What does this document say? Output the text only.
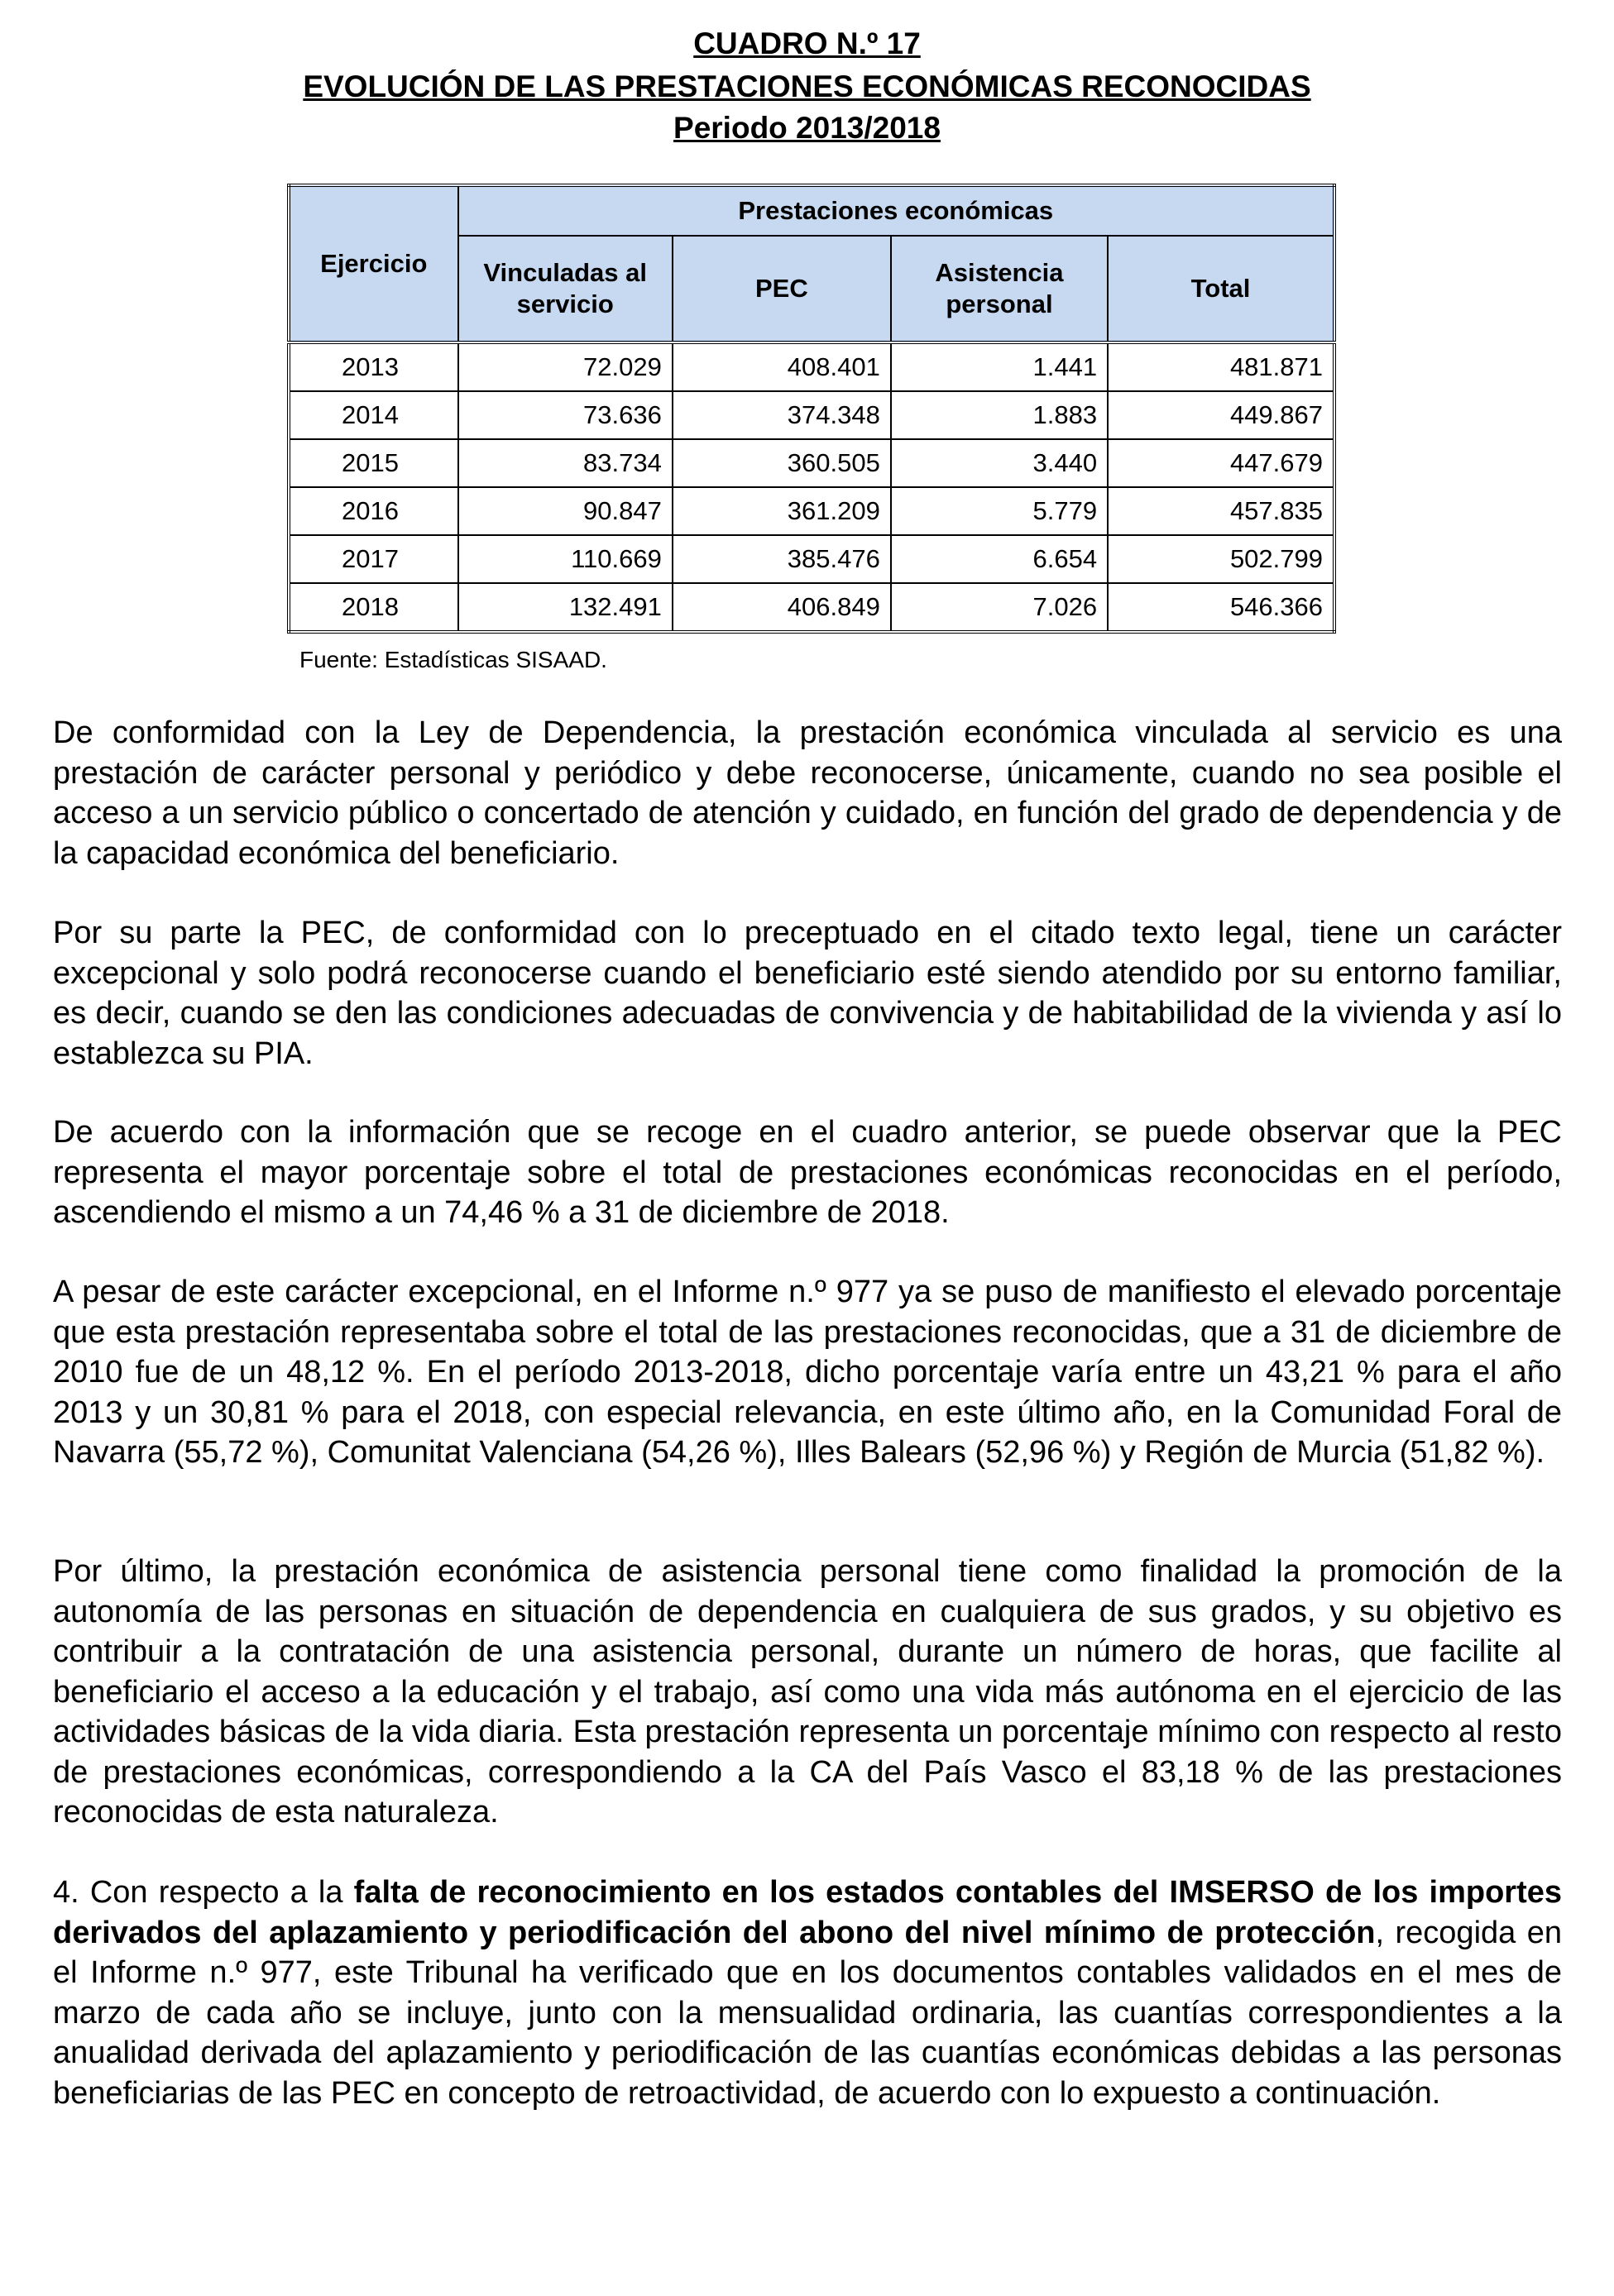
CUADRO N.º 17
EVOLUCIÓN DE LAS PRESTACIONES ECONÓMICAS RECONOCIDAS
Periodo 2013/2018
Ejercicio	Prestaciones económicas			
	Vinculadas al servicio	PEC	Asistencia personal	Total
2013	72.029	408.401	1.441	481.871
2014	73.636	374.348	1.883	449.867
2015	83.734	360.505	3.440	447.679
2016	90.847	361.209	5.779	457.835
2017	110.669	385.476	6.654	502.799
2018	132.491	406.849	7.026	546.366
Fuente: Estadísticas SISAAD.
De conformidad con la Ley de Dependencia, la prestación económica vinculada al servicio es una prestación de carácter personal y periódico y debe reconocerse, únicamente, cuando no sea posible el acceso a un servicio público o concertado de atención y cuidado, en función del grado de dependencia y de la capacidad económica del beneficiario.
Por su parte la PEC, de conformidad con lo preceptuado en el citado texto legal, tiene un carácter excepcional y solo podrá reconocerse cuando el beneficiario esté siendo atendido por su entorno familiar, es decir, cuando se den las condiciones adecuadas de convivencia y de habitabilidad de la vivienda y así lo establezca su PIA.
De acuerdo con la información que se recoge en el cuadro anterior, se puede observar que la PEC representa el mayor porcentaje sobre el total de prestaciones económicas reconocidas en el período, ascendiendo el mismo a un 74,46 % a 31 de diciembre de 2018.
A pesar de este carácter excepcional, en el Informe n.º 977 ya se puso de manifiesto el elevado porcentaje que esta prestación representaba sobre el total de las prestaciones reconocidas, que a 31 de diciembre de 2010 fue de un 48,12 %. En el período 2013-2018, dicho porcentaje varía entre un 43,21 % para el año 2013 y un 30,81 % para el 2018, con especial relevancia, en este último año, en la Comunidad Foral de Navarra (55,72 %), Comunitat Valenciana (54,26 %), Illes Balears (52,96 %) y Región de Murcia (51,82 %).
Por último, la prestación económica de asistencia personal tiene como finalidad la promoción de la autonomía de las personas en situación de dependencia en cualquiera de sus grados, y su objetivo es contribuir a la contratación de una asistencia personal, durante un número de horas, que facilite al beneficiario el acceso a la educación y el trabajo, así como una vida más autónoma en el ejercicio de las actividades básicas de la vida diaria. Esta prestación representa un porcentaje mínimo con respecto al resto de prestaciones económicas, correspondiendo a la CA del País Vasco el 83,18 % de las prestaciones reconocidas de esta naturaleza.
4. Con respecto a la falta de reconocimiento en los estados contables del IMSERSO de los importes derivados del aplazamiento y periodificación del abono del nivel mínimo de protección, recogida en el Informe n.º 977, este Tribunal ha verificado que en los documentos contables validados en el mes de marzo de cada año se incluye, junto con la mensualidad ordinaria, las cuantías correspondientes a la anualidad derivada del aplazamiento y periodificación de las cuantías económicas debidas a las personas beneficiarias de las PEC en concepto de retroactividad, de acuerdo con lo expuesto a continuación.
